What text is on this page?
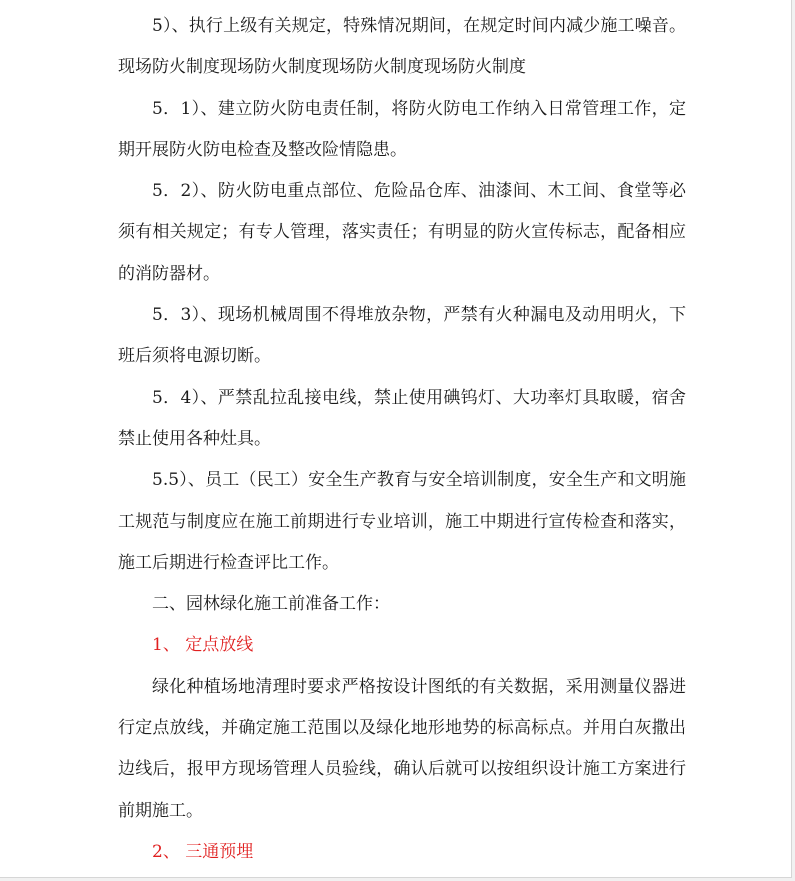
5）、执行上级有关规定，特殊情况期间，在规定时间内减少施工噪音。 现场防火制度现场防火制度现场防火制度现场防火制度

5．1）、建立防火防电责任制，将防火防电工作纳入日常管理工作，定期开展防火防电检查及整改险情隐患。

5．2）、防火防电重点部位、危险品仓库、油漆间、木工间、食堂等必须有相关规定；有专人管理，落实责任；有明显的防火宣传标志，配备相应的消防器材。

5．3）、现场机械周围不得堆放杂物，严禁有火种漏电及动用明火，下班后须将电源切断。

5．4）、严禁乱拉乱接电线，禁止使用碘钨灯、大功率灯具取暖，宿舍禁止使用各种灶具。

5.5）、员工（民工）安全生产教育与安全培训制度，安全生产和文明施工规范与制度应在施工前期进行专业培训，施工中期进行宣传检查和落实，施工后期进行检查评比工作。

二、园林绿化施工前准备工作：

1、 定点放线

绿化种植场地清理时要求严格按设计图纸的有关数据，采用测量仪器进行定点放线，并确定施工范围以及绿化地形地势的标高标点。并用白灰撒出边线后，报甲方现场管理人员验线，确认后就可以按组织设计施工方案进行前期施工。

2、 三通预埋
